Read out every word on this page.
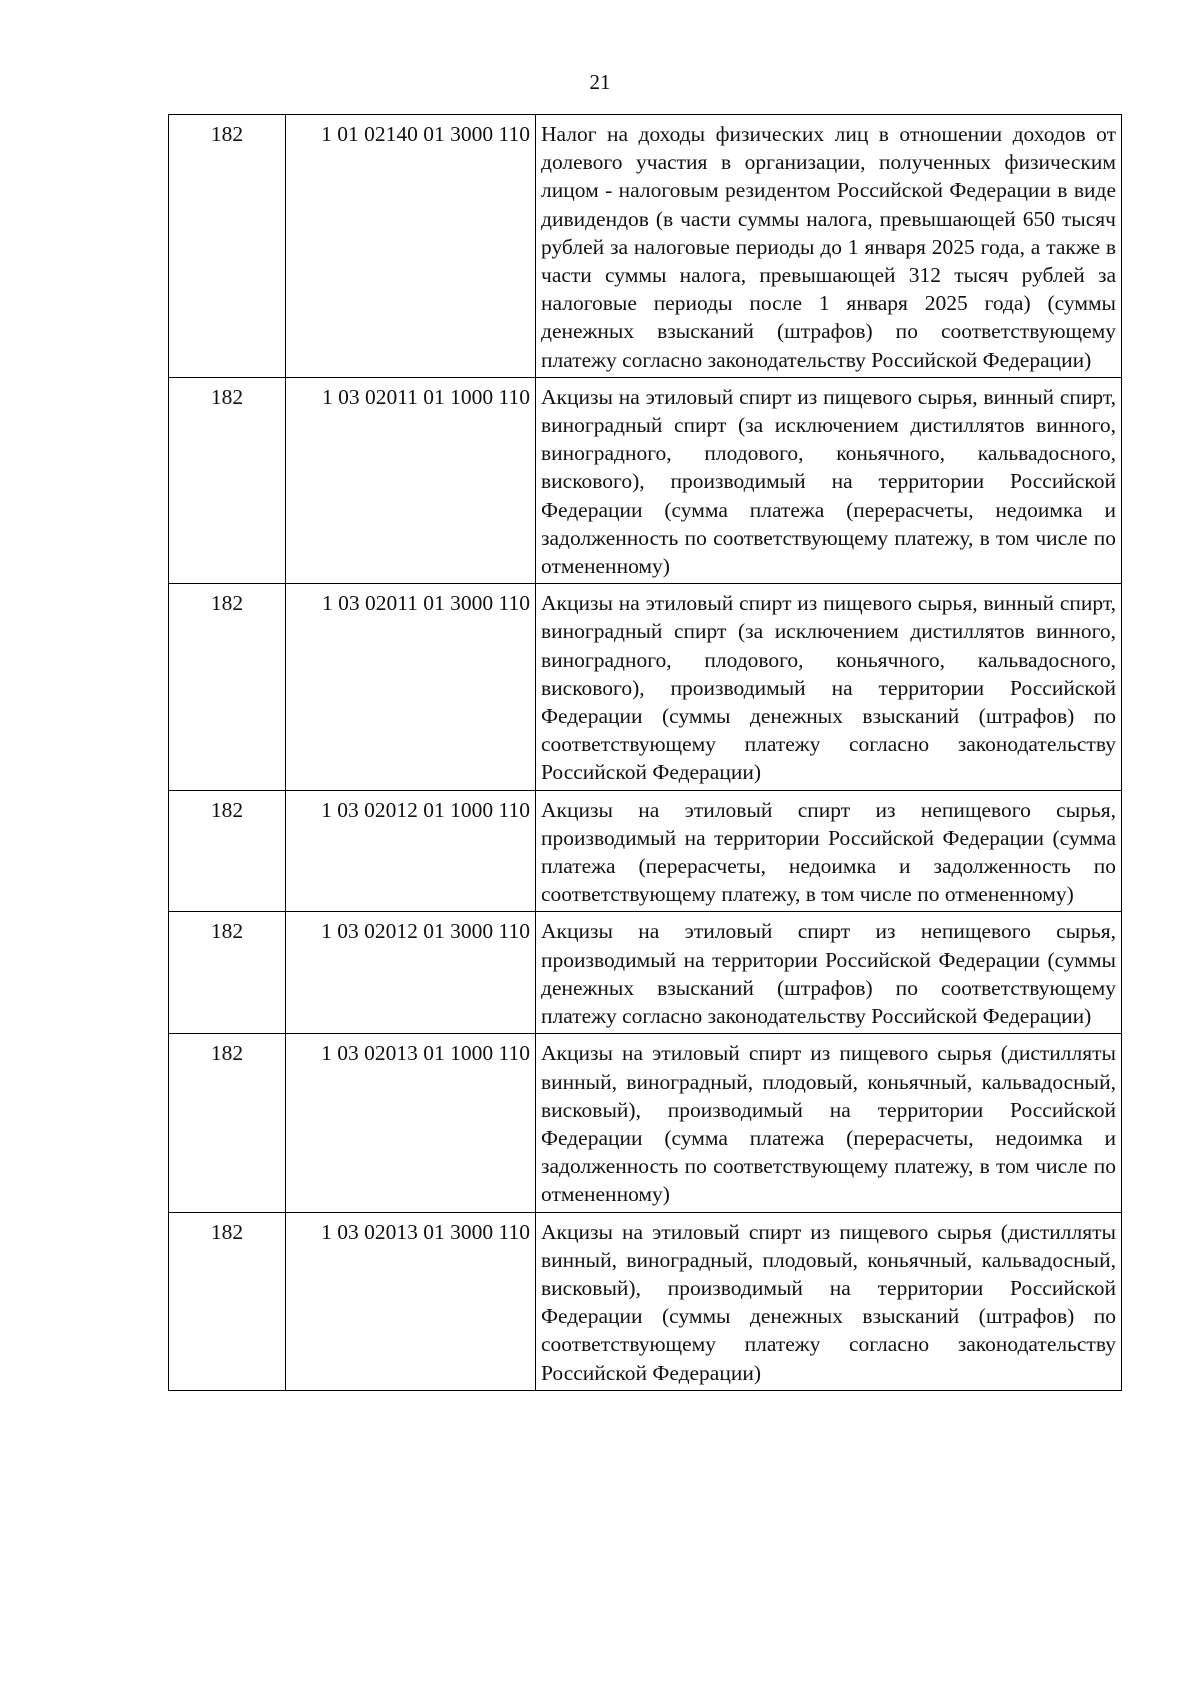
21
182	1 01 02140 01 3000 110	Налог на доходы физических лиц в отношении доходов от долевого участия в организации, полученных физическим лицом - налоговым резидентом Российской Федерации в виде дивидендов (в части суммы налога, превышающей 650 тысяч рублей за налоговые периоды до 1 января 2025 года, а также в части суммы налога, превышающей 312 тысяч рублей за налоговые периоды после 1 января 2025 года) (суммы денежных взысканий (штрафов) по соответствующему платежу согласно законодательству Российской Федерации)
182	1 03 02011 01 1000 110	Акцизы на этиловый спирт из пищевого сырья, винный спирт, виноградный спирт (за исключением дистиллятов винного, виноградного, плодового, коньячного, кальвадосного, вискового), производимый на территории Российской Федерации (сумма платежа (перерасчеты, недоимка и задолженность по соответствующему платежу, в том числе по отмененному)
182	1 03 02011 01 3000 110	Акцизы на этиловый спирт из пищевого сырья, винный спирт, виноградный спирт (за исключением дистиллятов винного, виноградного, плодового, коньячного, кальвадосного, вискового), производимый на территории Российской Федерации (суммы денежных взысканий (штрафов) по соответствующему платежу согласно законодательству Российской Федерации)
182	1 03 02012 01 1000 110	Акцизы на этиловый спирт из непищевого сырья, производимый на территории Российской Федерации (сумма платежа (перерасчеты, недоимка и задолженность по соответствующему платежу, в том числе по отмененному)
182	1 03 02012 01 3000 110	Акцизы на этиловый спирт из непищевого сырья, производимый на территории Российской Федерации (суммы денежных взысканий (штрафов) по соответствующему платежу согласно законодательству Российской Федерации)
182	1 03 02013 01 1000 110	Акцизы на этиловый спирт из пищевого сырья (дистилляты винный, виноградный, плодовый, коньячный, кальвадосный, висковый), производимый на территории Российской Федерации (сумма платежа (перерасчеты, недоимка и задолженность по соответствующему платежу, в том числе по отмененному)
182	1 03 02013 01 3000 110	Акцизы на этиловый спирт из пищевого сырья (дистилляты винный, виноградный, плодовый, коньячный, кальвадосный, висковый), производимый на территории Российской Федерации (суммы денежных взысканий (штрафов) по соответствующему платежу согласно законодательству Российской Федерации)
